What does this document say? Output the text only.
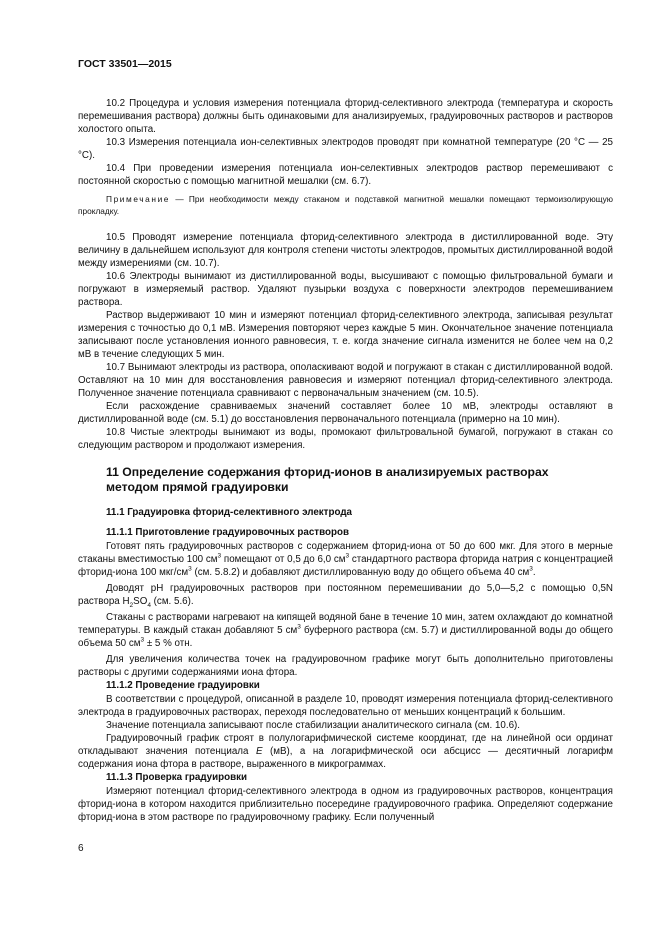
ГОСТ 33501—2015

10.2 Процедура и условия измерения потенциала фторид-селективного электрода (температура и скорость перемешивания раствора) должны быть одинаковыми для анализируемых, градуировочных растворов и растворов холостого опыта.

10.3 Измерения потенциала ион-селективных электродов проводят при комнатной температуре (20 °С — 25 °С).

10.4 При проведении измерения потенциала ион-селективных электродов раствор перемешивают с постоянной скоростью с помощью магнитной мешалки (см. 6.7).

Примечание — При необходимости между стаканом и подставкой магнитной мешалки помещают термоизолирующую прокладку.

10.5 Проводят измерение потенциала фторид-селективного электрода в дистиллированной воде. Эту величину в дальнейшем используют для контроля степени чистоты электродов, промытых дистиллированной водой между измерениями (см. 10.7).

10.6 Электроды вынимают из дистиллированной воды, высушивают с помощью фильтровальной бумаги и погружают в измеряемый раствор. Удаляют пузырьки воздуха с поверхности электродов перемешиванием раствора.

Раствор выдерживают 10 мин и измеряют потенциал фторид-селективного электрода, записывая результат измерения с точностью до 0,1 мВ. Измерения повторяют через каждые 5 мин. Окончательное значение потенциала записывают после установления ионного равновесия, т. е. когда значение сигнала изменится не более чем на 0,2 мВ в течение следующих 5 мин.

10.7 Вынимают электроды из раствора, ополаскивают водой и погружают в стакан с дистиллированной водой. Оставляют на 10 мин для восстановления равновесия и измеряют потенциал фторид-селективного электрода. Полученное значение потенциала сравнивают с первоначальным значением (см. 10.5).

Если расхождение сравниваемых значений составляет более 10 мВ, электроды оставляют в дистиллированной воде (см. 5.1) до восстановления первоначального потенциала (примерно на 10 мин).

10.8 Чистые электроды вынимают из воды, промокают фильтровальной бумагой, погружают в стакан со следующим раствором и продолжают измерения.

11 Определение содержания фторид-ионов в анализируемых растворах
методом прямой градуировки
11.1 Градуировка фторид-селективного электрода
11.1.1 Приготовление градуировочных растворов

Готовят пять градуировочных растворов с содержанием фторид-иона от 50 до 600 мкг. Для этого в мерные стаканы вместимостью 100 $см^3$ помещают от 0,5 до 6,0 $см^3$ стандартного раствора фторида натрия с концентрацией фторид-иона 100 мкг/$см^3$ (см. 5.8.2) и добавляют дистиллированную воду до общего объема 40 $см^3$.

Доводят pH градуировочных растворов при постоянном перемешивании до 5,0—5,2 с помощью 0,5N раствора $H_2SO_4$ (см. 5.6).

Стаканы с растворами нагревают на кипящей водяной бане в течение 10 мин, затем охлаждают до комнатной температуры. В каждый стакан добавляют 5 $см^3$ буферного раствора (см. 5.7) и дистиллированной воды до общего объема 50 $см^3 \pm 5$ % отн.

Для увеличения количества точек на градуировочном графике могут быть дополнительно приготовлены растворы с другими содержаниями иона фтора.

11.1.2 Проведение градуировки

В соответствии с процедурой, описанной в разделе 10, проводят измерения потенциала фторид-селективного электрода в градуировочных растворах, переходя последовательно от меньших концентраций к большим.

Значение потенциала записывают после стабилизации аналитического сигнала (см. 10.6).

Градуировочный график строят в полулогарифмической системе координат, где на линейной оси ординат откладывают значения потенциала E (мВ), а на логарифмической оси абсцисс — десятичный логарифм содержания иона фтора в растворе, выраженного в микрограммах.

11.1.3 Проверка градуировки

Измеряют потенциал фторид-селективного электрода в одном из градуировочных растворов, концентрация фторид-иона в котором находится приблизительно посередине градуировочного графика. Определяют содержание фторид-иона в этом растворе по градуировочному графику. Если полученный

6
